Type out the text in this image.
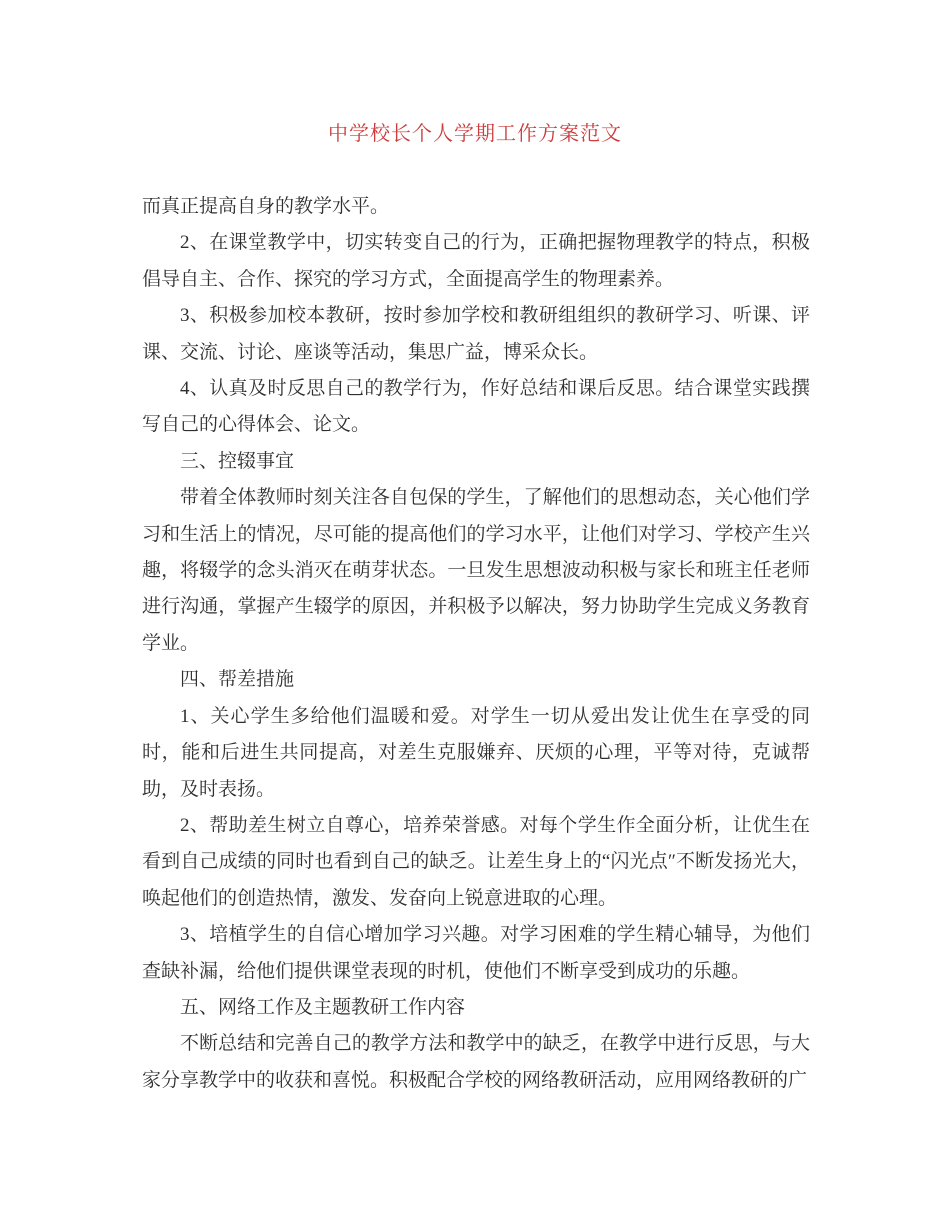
中学校长个人学期工作方案范文

而真正提高自身的教学水平。

2、在课堂教学中，切实转变自己的行为，正确把握物理教学的特点，积极倡导自主、合作、探究的学习方式，全面提高学生的物理素养。

3、积极参加校本教研，按时参加学校和教研组组织的教研学习、听课、评课、交流、讨论、座谈等活动，集思广益，博采众长。

4、认真及时反思自己的教学行为，作好总结和课后反思。结合课堂实践撰写自己的心得体会、论文。

三、控辍事宜

带着全体教师时刻关注各自包保的学生，了解他们的思想动态，关心他们学习和生活上的情况，尽可能的提高他们的学习水平，让他们对学习、学校产生兴趣，将辍学的念头消灭在萌芽状态。一旦发生思想波动积极与家长和班主任老师进行沟通，掌握产生辍学的原因，并积极予以解决，努力协助学生完成义务教育学业。

四、帮差措施

1、关心学生多给他们温暖和爱。对学生一切从爱出发让优生在享受的同时，能和后进生共同提高，对差生克服嫌弃、厌烦的心理，平等对待，克诚帮助，及时表扬。

2、帮助差生树立自尊心，培养荣誉感。对每个学生作全面分析，让优生在看到自己成绩的同时也看到自己的缺乏。让差生身上的“闪光点″不断发扬光大，唤起他们的创造热情，激发、发奋向上锐意进取的心理。

3、培植学生的自信心增加学习兴趣。对学习困难的学生精心辅导，为他们查缺补漏，给他们提供课堂表现的时机，使他们不断享受到成功的乐趣。

五、网络工作及主题教研工作内容

不断总结和完善自己的教学方法和教学中的缺乏，在教学中进行反思，与大家分享教学中的收获和喜悦。积极配合学校的网络教研活动，应用网络教研的广
